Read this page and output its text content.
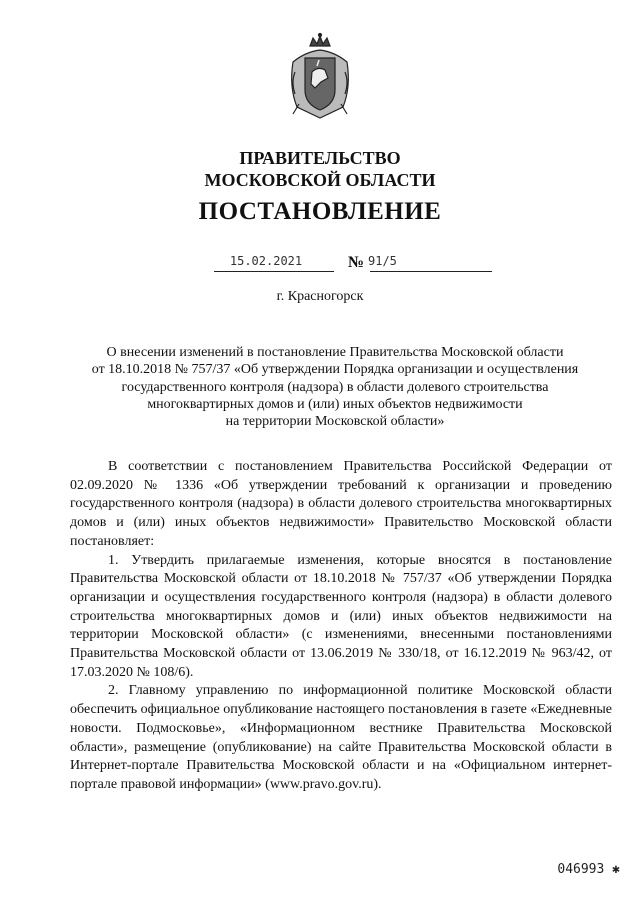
ПРАВИТЕЛЬСТВО
МОСКОВСКОЙ ОБЛАСТИ
ПОСТАНОВЛЕНИЕ
15.02.2021	№ 91/5
г. Красногорск
О внесении изменений в постановление Правительства Московской области
от 18.10.2018 № 757/37 «Об утверждении Порядка организации и осуществления
государственного контроля (надзора) в области долевого строительства
многоквартирных домов и (или) иных объектов недвижимости
на территории Московской области»

В соответствии с постановлением Правительства Российской Федерации от 02.09.2020 № 1336 «Об утверждении требований к организации и проведению государственного контроля (надзора) в области долевого строительства многоквартирных домов и (или) иных объектов недвижимости» Правительство Московской области постановляет:

1. Утвердить прилагаемые изменения, которые вносятся в постановление Правительства Московской области от 18.10.2018 № 757/37 «Об утверждении Порядка организации и осуществления государственного контроля (надзора) в области долевого строительства многоквартирных домов и (или) иных объектов недвижимости на территории Московской области» (с изменениями, внесенными постановлениями Правительства Московской области от 13.06.2019 № 330/18, от 16.12.2019 № 963/42, от 17.03.2020 № 108/6).

2. Главному управлению по информационной политике Московской области обеспечить официальное опубликование настоящего постановления в газете «Ежедневные новости. Подмосковье», «Информационном вестнике Правительства Московской области», размещение (опубликование) на сайте Правительства Московской области в Интернет-портале Правительства Московской области и на «Официальном интернет-портале правовой информации» (www.pravo.gov.ru).

046993 ✱
